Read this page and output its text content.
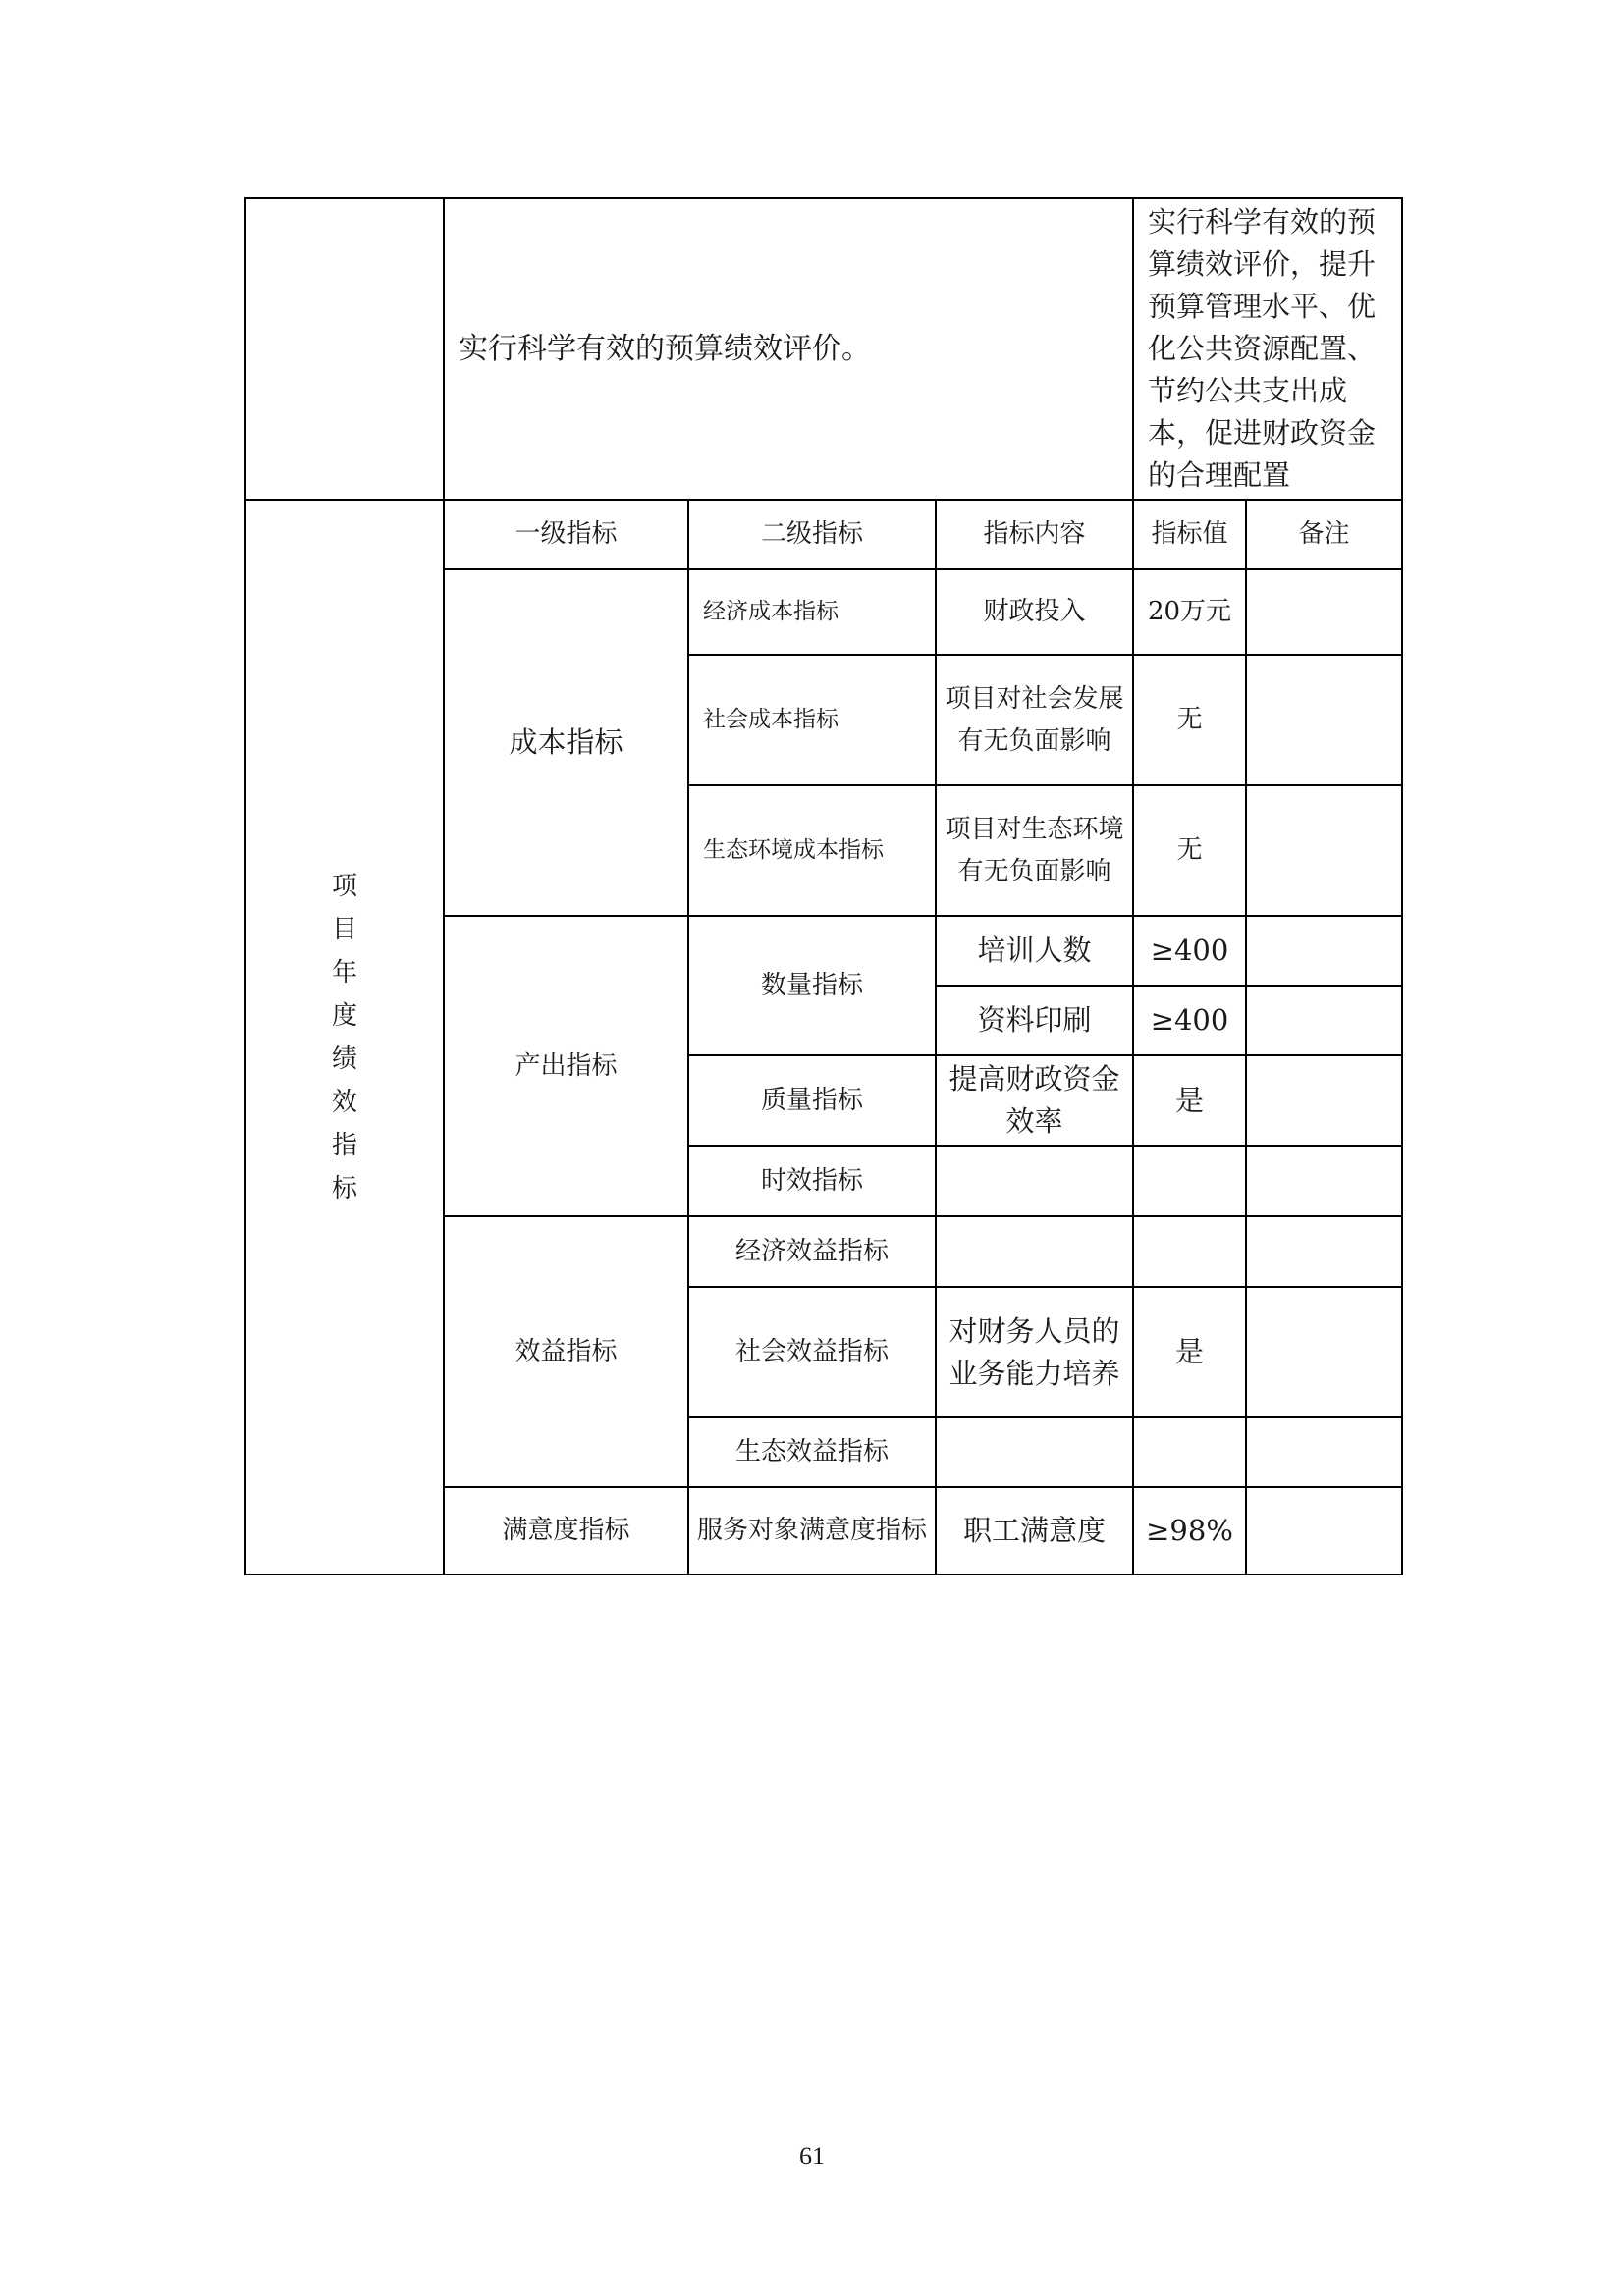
	实行科学有效的预算绩效评价。			实行科学有效的预算绩效评价，提升预算管理水平、优化公共资源配置、节约公共支出成本，促进财政资金的合理配置	
项目年度绩效指标	一级指标	二级指标	指标内容	指标值	备注
	成本指标	经济成本指标	财政投入	20万元	
		社会成本指标	项目对社会发展有无负面影响	无	
		生态环境成本指标	项目对生态环境有无负面影响	无	
	产出指标	数量指标	培训人数	≥400	
			资料印刷	≥400	
		质量指标	提高财政资金效率	是	
		时效指标			
	效益指标	经济效益指标			
		社会效益指标	对财务人员的业务能力培养	是	
		生态效益指标			
	满意度指标	服务对象满意度指标	职工满意度	≥98%	
61
